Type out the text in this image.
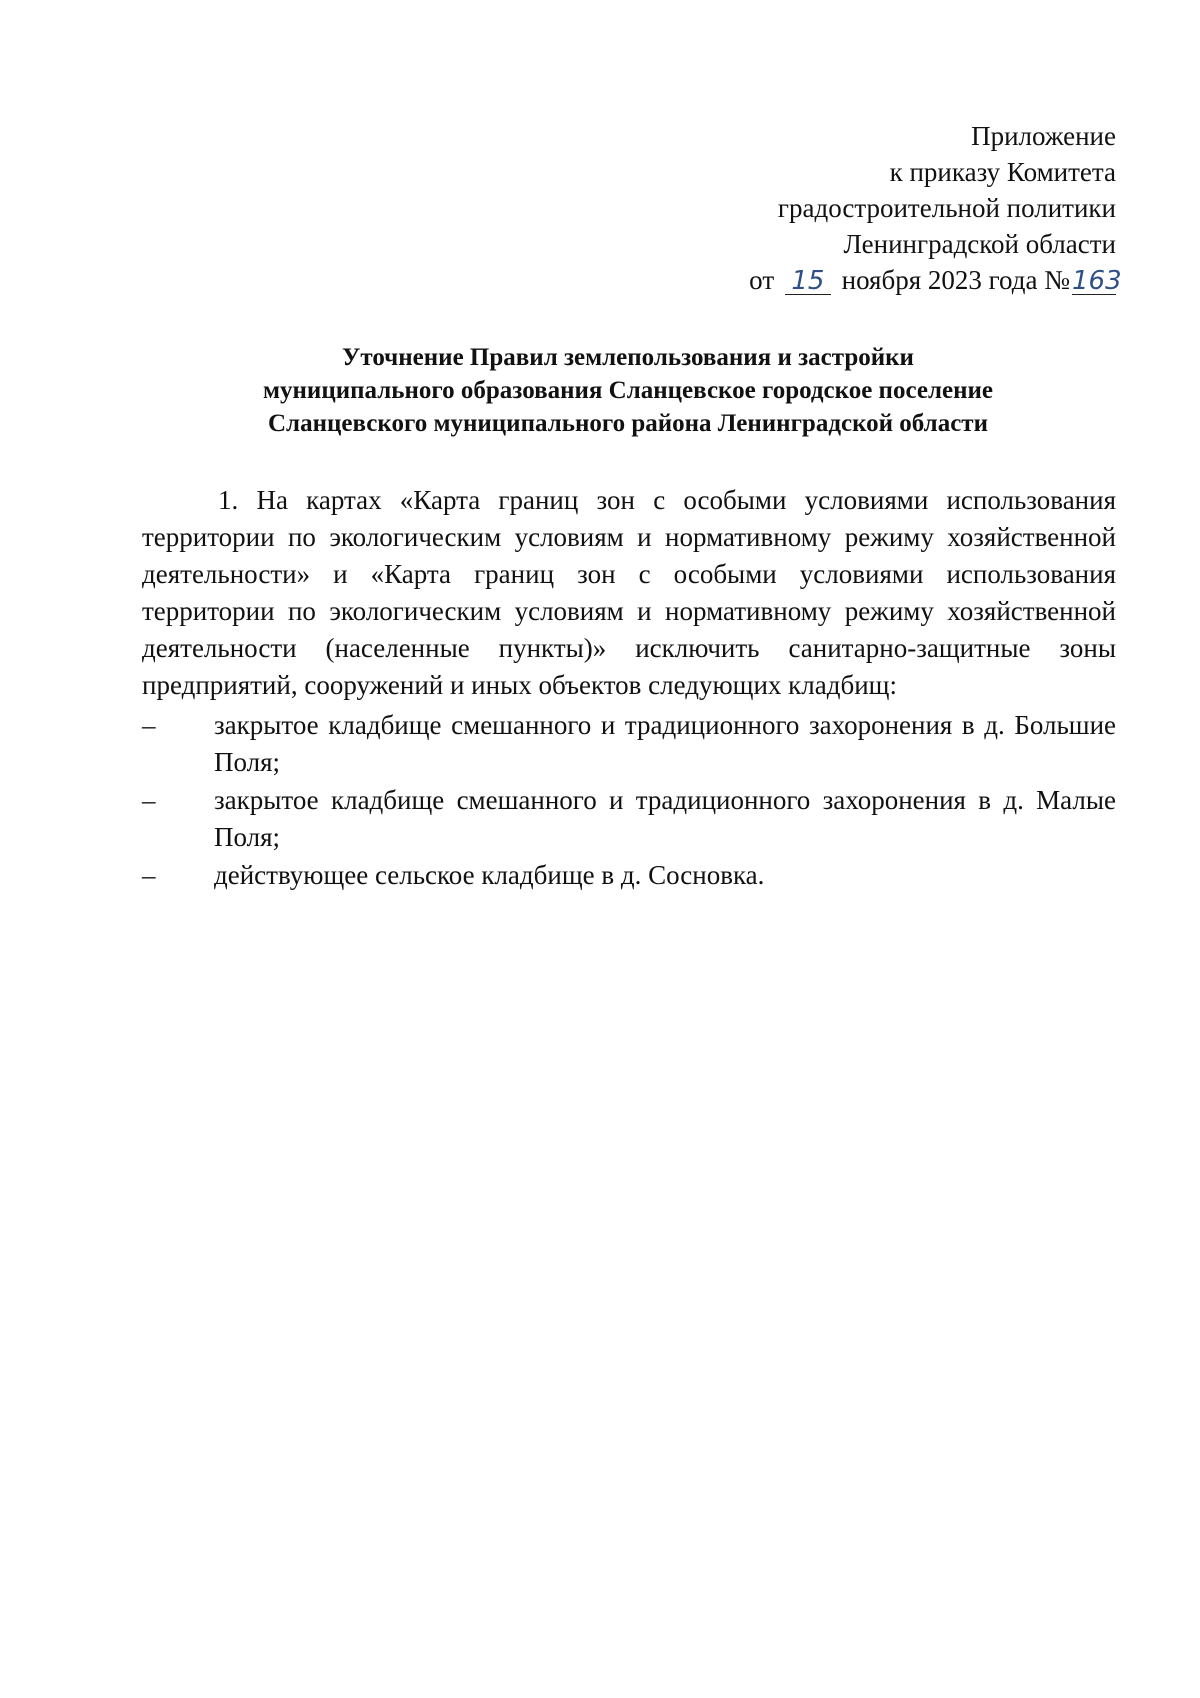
Приложение
к приказу Комитета
градостроительной политики
Ленинградской области
от 15 ноября 2023 года №163
Уточнение Правил землепользования и застройки
муниципального образования Сланцевское городское поселение
Сланцевского муниципального района Ленинградской области

1. На картах «Карта границ зон с особыми условиями использования территории по экологическим условиям и нормативному режиму хозяйственной деятельности» и «Карта границ зон с особыми условиями использования территории по экологическим условиям и нормативному режиму хозяйственной деятельности (населенные пункты)» исключить санитарно-защитные зоны предприятий, сооружений и иных объектов следующих кладбищ:

– закрытое кладбище смешанного и традиционного захоронения в д. Большие Поля;
– закрытое кладбище смешанного и традиционного захоронения в д. Малые Поля;
– действующее сельское кладбище в д. Сосновка.
